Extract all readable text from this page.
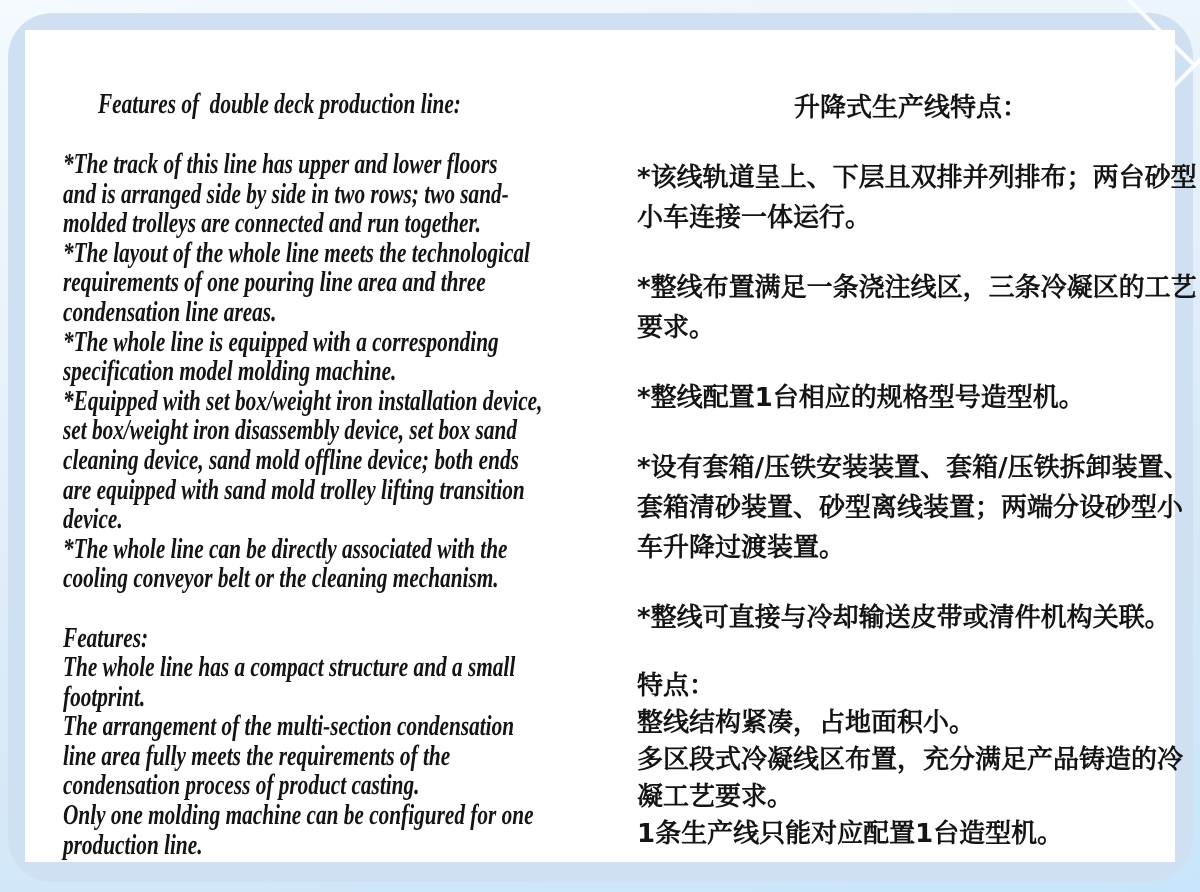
Features of  double deck production line:
*The track of this line has upper and lower floors
and is arranged side by side in two rows; two sand-
molded trolleys are connected and run together.
*The layout of the whole line meets the technological
requirements of one pouring line area and three
condensation line areas.
*The whole line is equipped with a corresponding
specification model molding machine.
*Equipped with set box/weight iron installation device,
set box/weight iron disassembly device, set box sand
cleaning device, sand mold offline device; both ends
are equipped with sand mold trolley lifting transition
device.
*The whole line can be directly associated with the
cooling conveyor belt or the cleaning mechanism.
Features:
The whole line has a compact structure and a small
footprint.
The arrangement of the multi-section condensation
line area fully meets the requirements of the
condensation process of product casting.
Only one molding machine can be configured for one
production line.
升降式生产线特点：
*该线轨道呈上、下层且双排并列排布；两台砂型
小车连接一体运行。
*整线布置满足一条浇注线区，三条冷凝区的工艺
要求。
*整线配置1台相应的规格型号造型机。
*设有套箱/压铁安装装置、套箱/压铁拆卸装置、
套箱清砂装置、砂型离线装置；两端分设砂型小
车升降过渡装置。
*整线可直接与冷却输送皮带或清件机构关联。
特点：
整线结构紧凑，占地面积小。
多区段式冷凝线区布置，充分满足产品铸造的冷
凝工艺要求。
1条生产线只能对应配置1台造型机。
